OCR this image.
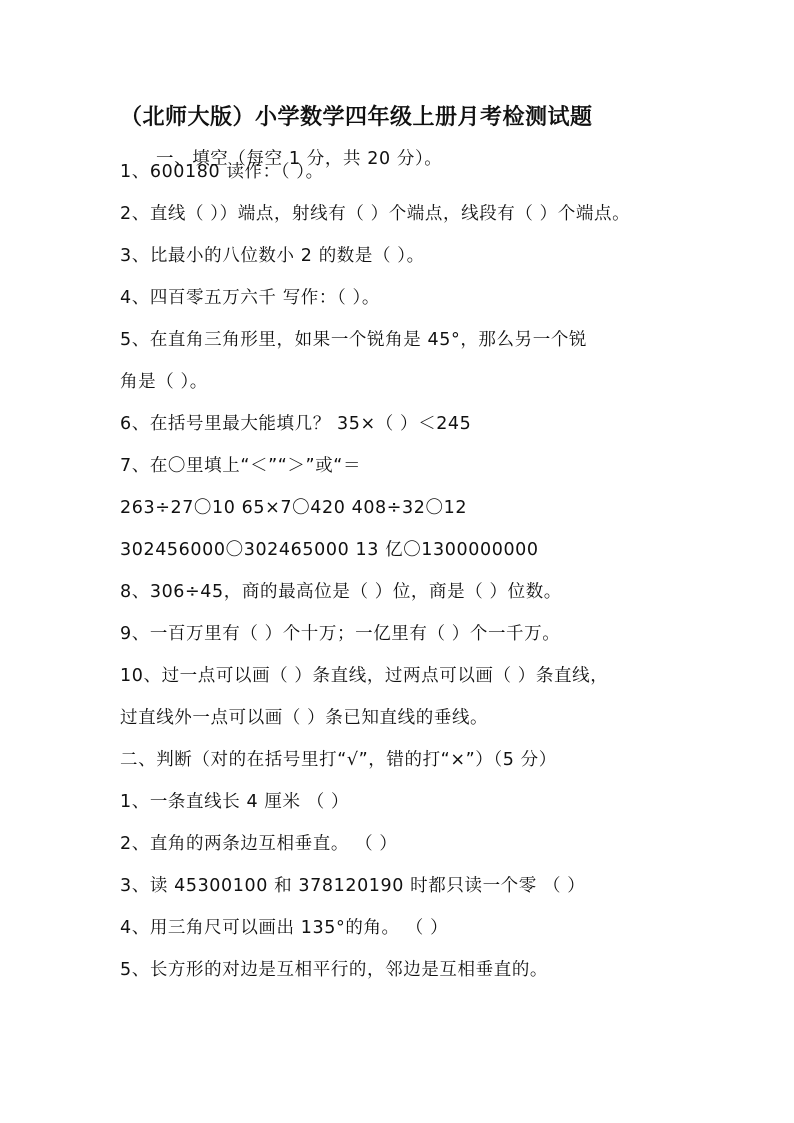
（北师大版）小学数学四年级上册月考检测试题
一、填空（每空 1 分，共 20 分）。
1、600180 读作：（ ）。
2、直线（ ））端点，射线有（ ）个端点，线段有（ ）个端点。
3、比最小的八位数小 2 的数是（ ）。
4、四百零五万六千 写作：（ ）。
5、在直角三角形里，如果一个锐角是 45°，那么另一个锐
角是（ ）。
6、在括号里最大能填几？ 35×（ ）＜245
7、在〇里填上“＜”“＞”或“＝
263÷27〇10 65×7〇420 408÷32〇12
302456000〇302465000 13 亿〇1300000000
8、306÷45，商的最高位是（ ）位，商是（ ）位数。
9、一百万里有（ ）个十万；一亿里有（ ）个一千万。
10、过一点可以画（ ）条直线，过两点可以画（ ）条直线，
过直线外一点可以画（ ）条已知直线的垂线。
二、判断（对的在括号里打“√”，错的打“×”）（5 分）
1、一条直线长 4 厘米 （ ）
2、直角的两条边互相垂直。 （ ）
3、读 45300100 和 378120190 时都只读一个零 （ ）
4、用三角尺可以画出 135°的角。 （ ）
5、长方形的对边是互相平行的，邻边是互相垂直的。
